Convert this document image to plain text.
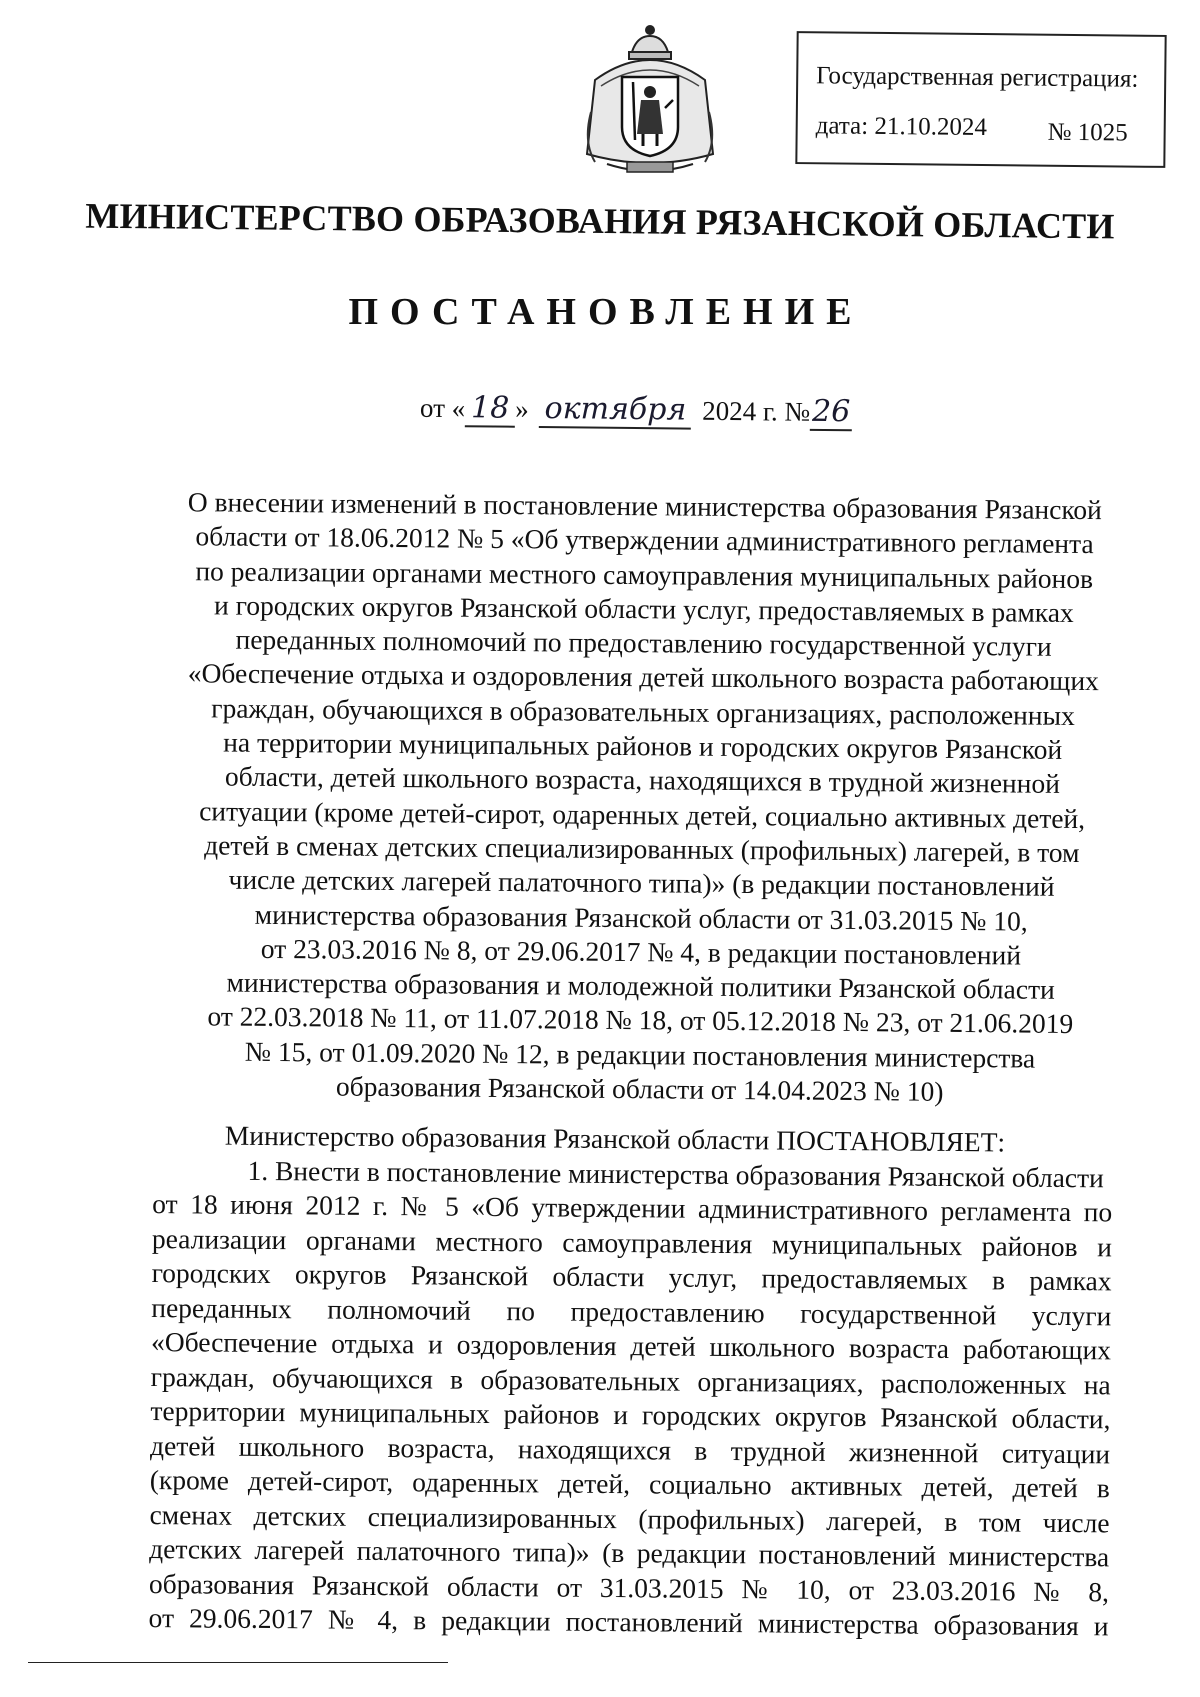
Государственная регистрация:
дата: 21.10.2024 № 1025
МИНИСТЕРСТВО ОБРАЗОВАНИЯ РЯЗАНСКОЙ ОБЛАСТИ
ПОСТАНОВЛЕНИЕ
от « 18 » октября 2024 г. №26
О внесении изменений в постановление министерства образования Рязанской
области от 18.06.2012 № 5 «Об утверждении административного регламента
по реализации органами местного самоуправления муниципальных районов
и городских округов Рязанской области услуг, предоставляемых в рамках
переданных полномочий по предоставлению государственной услуги
«Обеспечение отдыха и оздоровления детей школьного возраста работающих
граждан, обучающихся в образовательных организациях, расположенных
на территории муниципальных районов и городских округов Рязанской
области, детей школьного возраста, находящихся в трудной жизненной
ситуации (кроме детей-сирот, одаренных детей, социально активных детей,
детей в сменах детских специализированных (профильных) лагерей, в том
числе детских лагерей палаточного типа)» (в редакции постановлений
министерства образования Рязанской области от 31.03.2015 № 10,
от 23.03.2016 № 8, от 29.06.2017 № 4, в редакции постановлений
министерства образования и молодежной политики Рязанской области
от 22.03.2018 № 11, от 11.07.2018 № 18, от 05.12.2018 № 23, от 21.06.2019
№ 15, от 01.09.2020 № 12, в редакции постановления министерства
образования Рязанской области от 14.04.2023 № 10)
Министерство образования Рязанской области ПОСТАНОВЛЯЕТ:
1. Внести в постановление министерства образования Рязанской области
от 18 июня 2012 г. № 5 «Об утверждении административного регламента по
реализации органами местного самоуправления муниципальных районов и
городских округов Рязанской области услуг, предоставляемых в рамках
переданных полномочий по предоставлению государственной услуги
«Обеспечение отдыха и оздоровления детей школьного возраста работающих
граждан, обучающихся в образовательных организациях, расположенных на
территории муниципальных районов и городских округов Рязанской области,
детей школьного возраста, находящихся в трудной жизненной ситуации
(кроме детей-сирот, одаренных детей, социально активных детей, детей в
сменах детских специализированных (профильных) лагерей, в том числе
детских лагерей палаточного типа)» (в редакции постановлений министерства
образования Рязанской области от 31.03.2015 № 10, от 23.03.2016 № 8,
от 29.06.2017 № 4, в редакции постановлений министерства образования и
